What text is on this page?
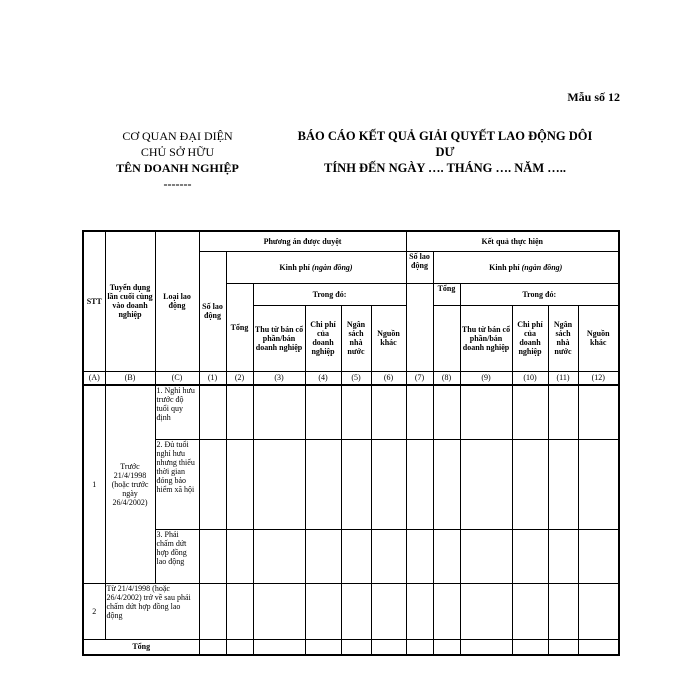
Mẫu số 12
CƠ QUAN ĐẠI DIỆN
CHỦ SỞ HỮU
TÊN DOANH NGHIỆP
-------
BÁO CÁO KẾT QUẢ GIẢI QUYẾT LAO ĐỘNG DÔI
DƯ
TÍNH ĐẾN NGÀY …. THÁNG …. NĂM …..
STT	Tuyển dụng lần cuối cùng vào doanh nghiệp	Loại lao động	Phương án được duyệt						Kết quả thực hiện					
			Số lao động	Kinh phí (ngàn đồng)					Số lao động	Kinh phí (ngàn đồng)				
				Tổng	Trong đó:					Tổng	Trong đó:			
					Thu từ bán cổ phần/bán doanh nghiệp	Chi phí của doanh nghiệp	Ngân sách nhà nước	Nguồn khác			Thu từ bán cổ phần/bán doanh nghiệp	Chi phí của doanh nghiệp	Ngân sách nhà nước	Nguồn khác
(A)	(B)	(C)	(1)	(2)	(3)	(4)	(5)	(6)	(7)	(8)	(9)	(10)	(11)	(12)
1	Trước 21/4/1998 (hoặc trước ngày 26/4/2002)	1. Nghỉ hưu trước độ tuổi quy định												
		2. Đủ tuổi nghỉ hưu nhưng thiếu thời gian đóng bảo hiểm xã hội												
		3. Phải chấm dứt hợp đồng lao động												
2	Từ 21/4/1998 (hoặc 26/4/2002) trở về sau phải chấm dứt hợp đồng lao động													
Tổng														
